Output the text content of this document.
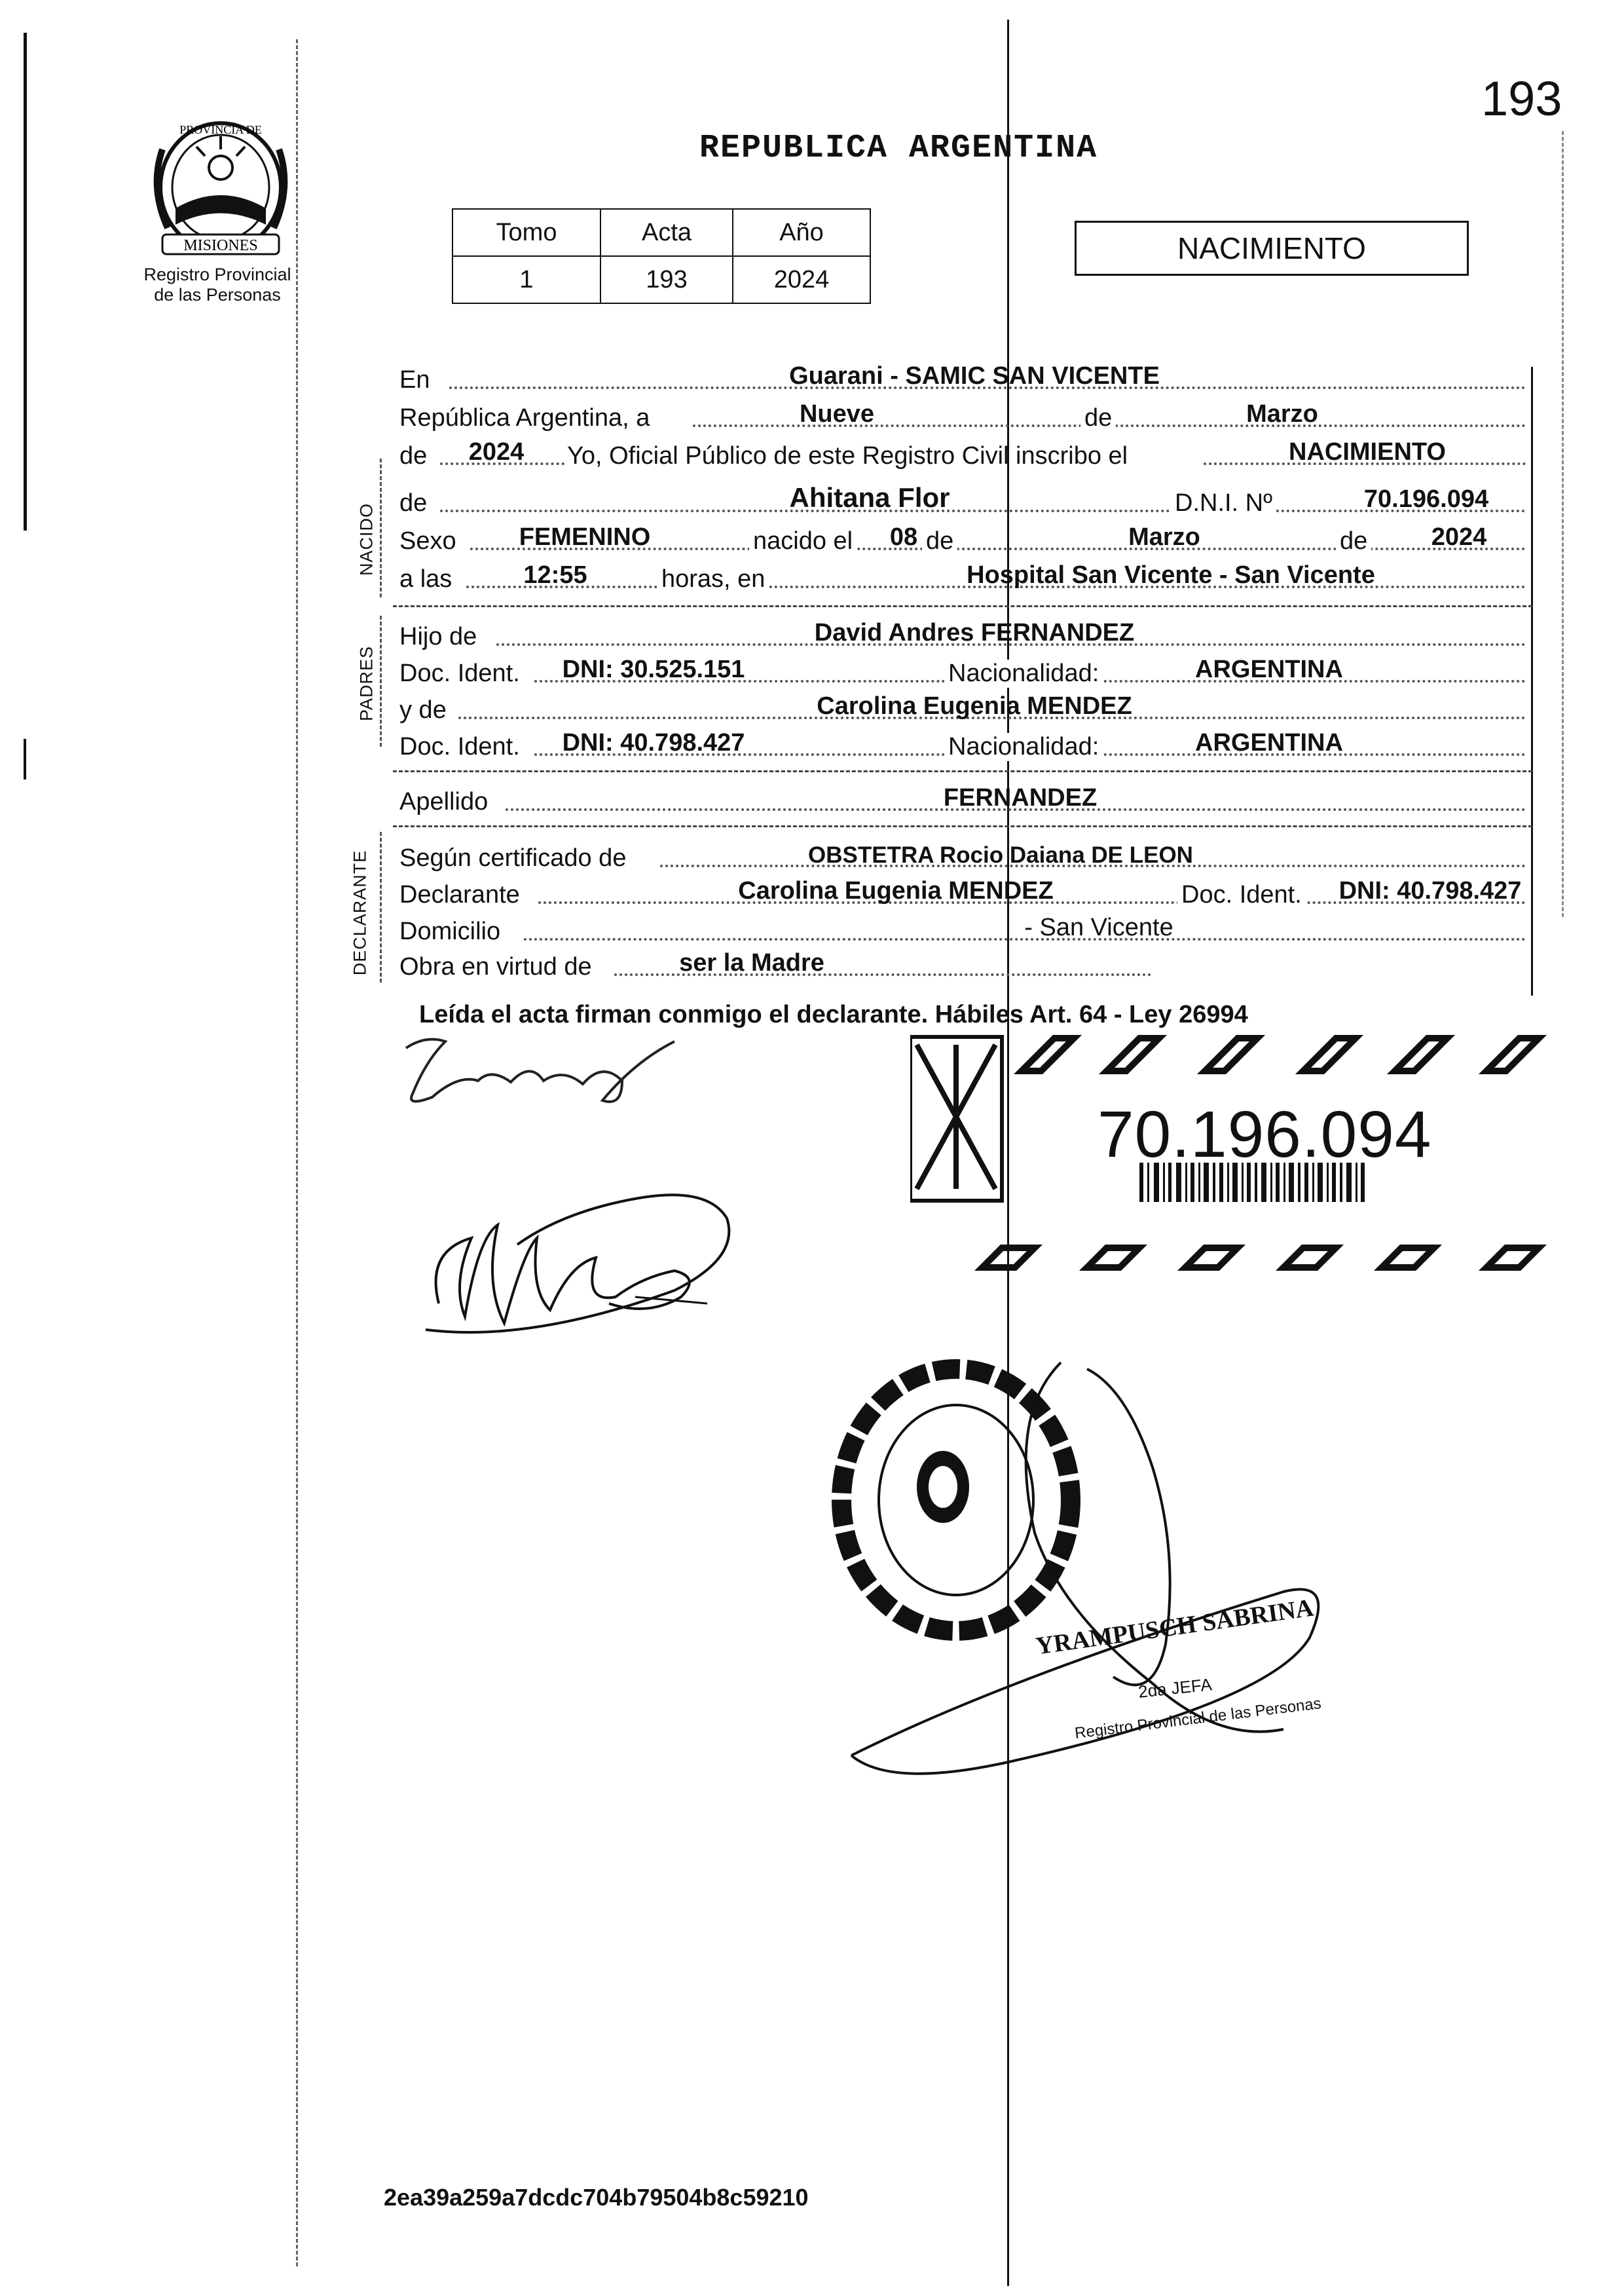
193
REPUBLICA ARGENTINA
MISIONES
PROVINCIA DE
Registro Provincial
de las Personas
Tomo	Acta	Año
1	193	2024
NACIMIENTO
NACIDO
PADRES
DECLARANTE
En	Guarani - SAMIC SAN VICENTE
República Argentina, a	Nueve	de	Marzo
de	2024	Yo, Oficial Público de este Registro Civil inscribo el	NACIMIENTO
de	Ahitana Flor	D.N.I. Nº	70.196.094
Sexo	FEMENINO	nacido el	08 de	Marzo	de	2024
a las	12:55	horas, en	Hospital San Vicente - San Vicente
Hijo de	David Andres FERNANDEZ
Doc. Ident.	DNI: 30.525.151	Nacionalidad:	ARGENTINA
y de	Carolina Eugenia MENDEZ
Doc. Ident.	DNI: 40.798.427	Nacionalidad:	ARGENTINA
Apellido	FERNANDEZ
Según certificado de	OBSTETRA Rocio Daiana DE LEON
Declarante	Carolina Eugenia MENDEZ	Doc. Ident.	DNI: 40.798.427
Domicilio	- San Vicente
Obra en virtud de	ser la Madre
Leída el acta firman conmigo el declarante. Hábiles Art. 64 - Ley 26994
70.196.094
YRAMPUSCH SABRINA
2da JEFA
Registro Provincial de las Personas
2ea39a259a7dcdc704b79504b8c59210
